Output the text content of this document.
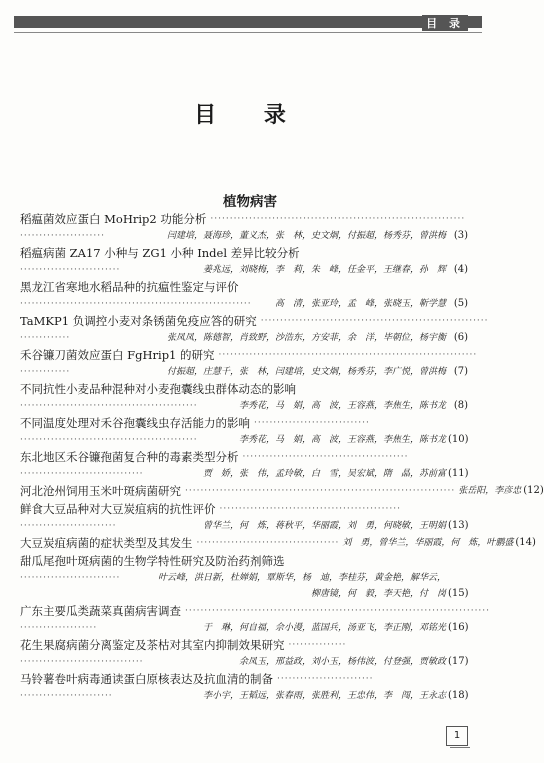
目 录
目 录
植物病害
稻瘟菌效应蛋白 MoHrip2 功能分析 ··································································
······················	闫建培，聂海珍，董义杰，张　林，史文炯，付振超，杨秀芬，曾洪梅 (3)
稻瘟病菌 ZA17 小种与 ZG1 小种 Indel 差异比较分析
··························	姜兆远，刘晓梅，李　莉，朱　峰，任金平，王继春，孙　辉 (4)
黑龙江省寒地水稻品种的抗瘟性鉴定与评价
····························································	高　清，张亚玲，孟　峰，张晓玉，靳学慧 (5)
TaMKP1 负调控小麦对条锈菌免疫应答的研究 ···························································
·············	张凤凤，陈德智，肖致野，沙浩东，方安菲，余　洋，毕朝位，杨宇衡 (6)
禾谷镰刀菌效应蛋白 FgHrip1 的研究 ···································································
·············	付振超，庄慧千，张　林，闫建培，史文炯，杨秀芬，李广悦，曾洪梅 (7)
不同抗性小麦品种混种对小麦孢囊线虫群体动态的影响
··············································	李秀花，马　娟，高　波，王容燕，李焦生，陈书龙 (8)
不同温度处理对禾谷孢囊线虫存活能力的影响 ······························
··············································	李秀花，马　娟，高　波，王容燕，李焦生，陈书龙 (10)
东北地区禾谷镰孢菌复合种的毒素类型分析 ···········································
································	贾　娇，张　伟，孟玲敏，白　雪，吴宏斌，隋　晶，苏前富 (11)
河北沧州饲用玉米叶斑病菌研究 ······································································ 张岳阳，李彦忠 (12)
鲜食大豆品种对大豆炭疽病的抗性评价 ···············································
·························	曾华兰，何　炼，蒋秋平，华丽霞，刘　勇，何晓敏，王明娟 (13)
大豆炭疽病菌的症状类型及其发生 ····································· 刘　勇，曾华兰，华丽霞，何　炼，叶鹏盛 (14)
甜瓜尾孢叶斑病菌的生物学特性研究及防治药剂筛选
··························	叶云峰，洪日新，杜婵娟，覃斯华，杨　迪，李桂芬，黄金艳，解华云，
柳唐镜，何　毅，李天艳，付　岗 (15)
广东主要瓜类蔬菜真菌病害调查 ···············································································
····················	于　琳，何自福，佘小漫，蓝国兵，汤亚飞，李正刚，邓铭光 (16)
花生果腐病菌分离鉴定及茶枯对其室内抑制效果研究 ···············
································	余凤玉，邢益政，刘小玉，杨伟波，付登强，贾敏政 (17)
马铃薯卷叶病毒通读蛋白原核表达及抗血清的制备 ·························
························	李小宇，王韬远，张春雨，张胜利，王忠伟，李　闯，王永志 (18)
1
